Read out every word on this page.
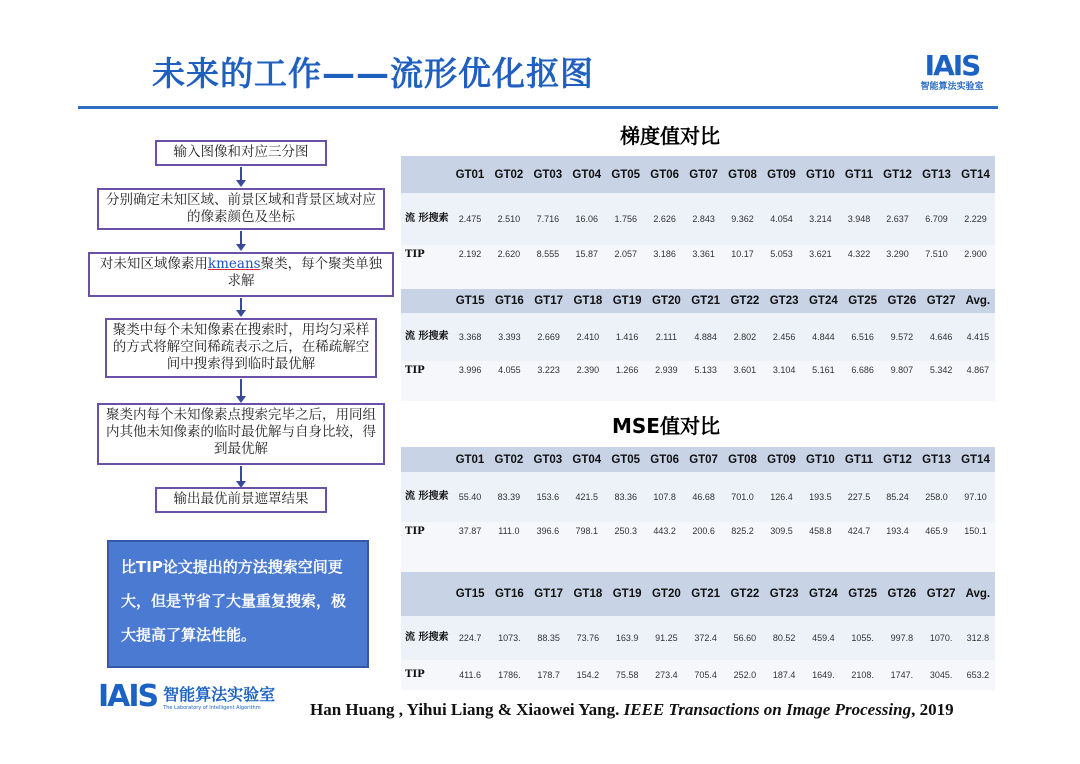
未来的工作——流形优化抠图	IAIS
智能算法实验室
输入图像和对应三分图
分别确定未知区域、前景区域和背景区域对应的像素颜色及坐标
对未知区域像素用kmeans聚类，每个聚类单独求解
聚类中每个未知像素在搜索时，用均匀采样的方式将解空间稀疏表示之后，在稀疏解空间中搜索得到临时最优解
聚类内每个未知像素点搜索完毕之后，用同组内其他未知像素的临时最优解与自身比较，得到最优解
输出最优前景遮罩结果
比TIP论文提出的方法搜索空间更大，但是节省了大量重复搜索，极大提高了算法性能。
梯度值对比
	GT01	GT02	GT03	GT04	GT05	GT06	GT07	GT08	GT09	GT10	GT11	GT12	GT13	GT14
流 形搜索	2.475	2.510	7.716	16.06	1.756	2.626	2.843	9.362	4.054	3.214	3.948	2.637	6.709	2.229
TIP	2.192	2.620	8.555	15.87	2.057	3.186	3.361	10.17	5.053	3.621	4.322	3.290	7.510	2.900
	GT15	GT16	GT17	GT18	GT19	GT20	GT21	GT22	GT23	GT24	GT25	GT26	GT27	Avg.
流 形搜索	3.368	3.393	2.669	2.410	1.416	2.111	4.884	2.802	2.456	4.844	6.516	9.572	4.646	4.415
TIP	3.996	4.055	3.223	2.390	1.266	2.939	5.133	3.601	3.104	5.161	6.686	9.807	5.342	4.867
MSE值对比
	GT01	GT02	GT03	GT04	GT05	GT06	GT07	GT08	GT09	GT10	GT11	GT12	GT13	GT14
流 形搜索	55.40	83.39	153.6	421.5	83.36	107.8	46.68	701.0	126.4	193.5	227.5	85.24	258.0	97.10
TIP	37.87	111.0	396.6	798.1	250.3	443.2	200.6	825.2	309.5	458.8	424.7	193.4	465.9	150.1
	GT15	GT16	GT17	GT18	GT19	GT20	GT21	GT22	GT23	GT24	GT25	GT26	GT27	Avg.
流 形搜索	224.7	1073.	88.35	73.76	163.9	91.25	372.4	56.60	80.52	459.4	1055.	997.8	1070.	312.8
TIP	411.6	1786.	178.7	154.2	75.58	273.4	705.4	252.0	187.4	1649.	2108.	1747.	3045.	653.2
IAIS 智能算法实验室
The Laboratory of Intelligent Algorithm	Han Huang , Yihui Liang & Xiaowei Yang. IEEE Transactions on Image Processing, 2019
